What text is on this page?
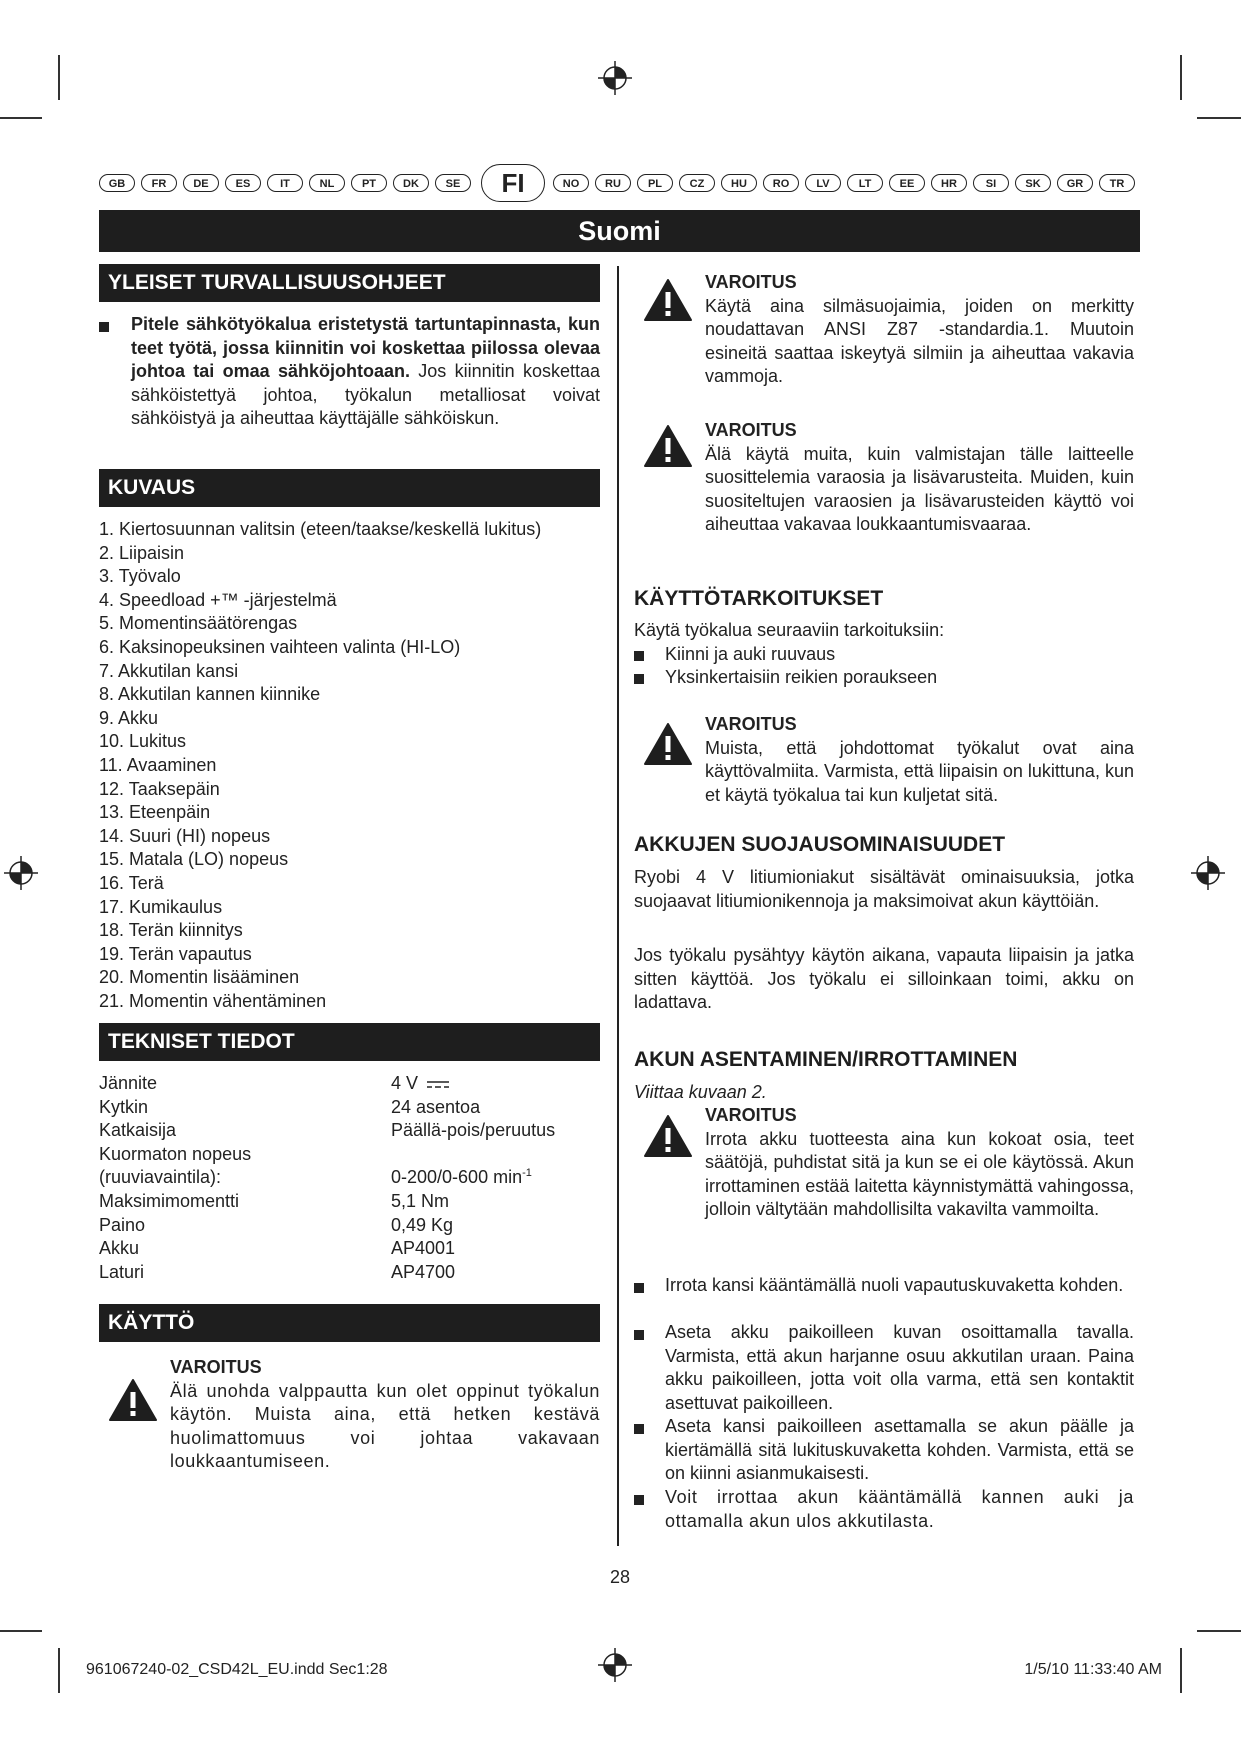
GB	FR	DE	ES	IT	NL	PT	DK	SE	FI	NO	RU	PL	CZ	HU	RO	LV	LT	EE	HR	SI	SK	GR	TR
Suomi
YLEISET TURVALLISUUSOHJEET
Pitele sähkötyökalua eristetystä tartuntapinnasta, kun teet työtä, jossa kiinnitin voi koskettaa piilossa olevaa johtoa tai omaa sähköjohtoaan. Jos kiinnitin koskettaa sähköistettyä johtoa, työkalun metalliosat voivat sähköistyä ja aiheuttaa käyttäjälle sähköiskun.
KUVAUS
1. Kiertosuunnan valitsin (eteen/taakse/keskellä lukitus)
2. Liipaisin
3. Työvalo
4. Speedload +™ -järjestelmä
5. Momentinsäätörengas
6. Kaksinopeuksinen vaihteen valinta (HI-LO)
7. Akkutilan kansi
8. Akkutilan kannen kiinnike
9. Akku
10. Lukitus
11. Avaaminen
12. Taaksepäin
13. Eteenpäin
14. Suuri (HI) nopeus
15. Matala (LO) nopeus
16. Terä
17. Kumikaulus
18. Terän kiinnitys
19. Terän vapautus
20. Momentin lisääminen
21. Momentin vähentäminen
TEKNISET TIEDOT
Jännite	4 V
Kytkin	24 asentoa
Katkaisija	Päällä-pois/peruutus
Kuormaton nopeus
(ruuviavaintila):	0-200/0-600 $\min^{-1}$
Maksimimomentti	5,1 Nm
Paino	0,49 Kg
Akku	AP4001
Laturi	AP4700
KÄYTTÖ
VAROITUS
Älä unohda valppautta kun olet oppinut työkalun käytön. Muista aina, että hetken kestävä huolimattomuus voi johtaa vakavaan loukkaantumiseen.
VAROITUS
Käytä aina silmäsuojaimia, joiden on merkitty noudattavan ANSI Z87 -standardia.1. Muutoin esineitä saattaa iskeytyä silmiin ja aiheuttaa vakavia vammoja.
VAROITUS
Älä käytä muita, kuin valmistajan tälle laitteelle suosittelemia varaosia ja lisävarusteita. Muiden, kuin suositeltujen varaosien ja lisävarusteiden käyttö voi aiheuttaa vakavaa loukkaantumisvaaraa.
KÄYTTÖTARKOITUKSET
Käytä työkalua seuraaviin tarkoituksiin:
Kiinni ja auki ruuvaus
Yksinkertaisiin reikien poraukseen
VAROITUS
Muista, että johdottomat työkalut ovat aina käyttövalmiita. Varmista, että liipaisin on lukittuna, kun et käytä työkalua tai kun kuljetat sitä.
AKKUJEN SUOJAUSOMINAISUUDET
Ryobi 4 V litiumioniakut sisältävät ominaisuuksia, jotka suojaavat litiumionikennoja ja maksimoivat akun käyttöiän.
Jos työkalu pysähtyy käytön aikana, vapauta liipaisin ja jatka sitten käyttöä. Jos työkalu ei silloinkaan toimi, akku on ladattava.
AKUN ASENTAMINEN/IRROTTAMINEN
Viittaa kuvaan 2.
VAROITUS
Irrota akku tuotteesta aina kun kokoat osia, teet säätöjä, puhdistat sitä ja kun se ei ole käytössä. Akun irrottaminen estää laitetta käynnistymättä vahingossa, jolloin vältytään mahdollisilta vakavilta vammoilta.
Irrota kansi kääntämällä nuoli vapautuskuvaketta kohden.
Aseta akku paikoilleen kuvan osoittamalla tavalla. Varmista, että akun harjanne osuu akkutilan uraan. Paina akku paikoilleen, jotta voit olla varma, että sen kontaktit asettuvat paikoilleen.
Aseta kansi paikoilleen asettamalla se akun päälle ja kiertämällä sitä lukituskuvaketta kohden. Varmista, että se on kiinni asianmukaisesti.
Voit irrottaa akun kääntämällä kannen auki ja ottamalla akun ulos akkutilasta.
28
961067240-02_CSD42L_EU.indd Sec1:28	1/5/10 11:33:40 AM
